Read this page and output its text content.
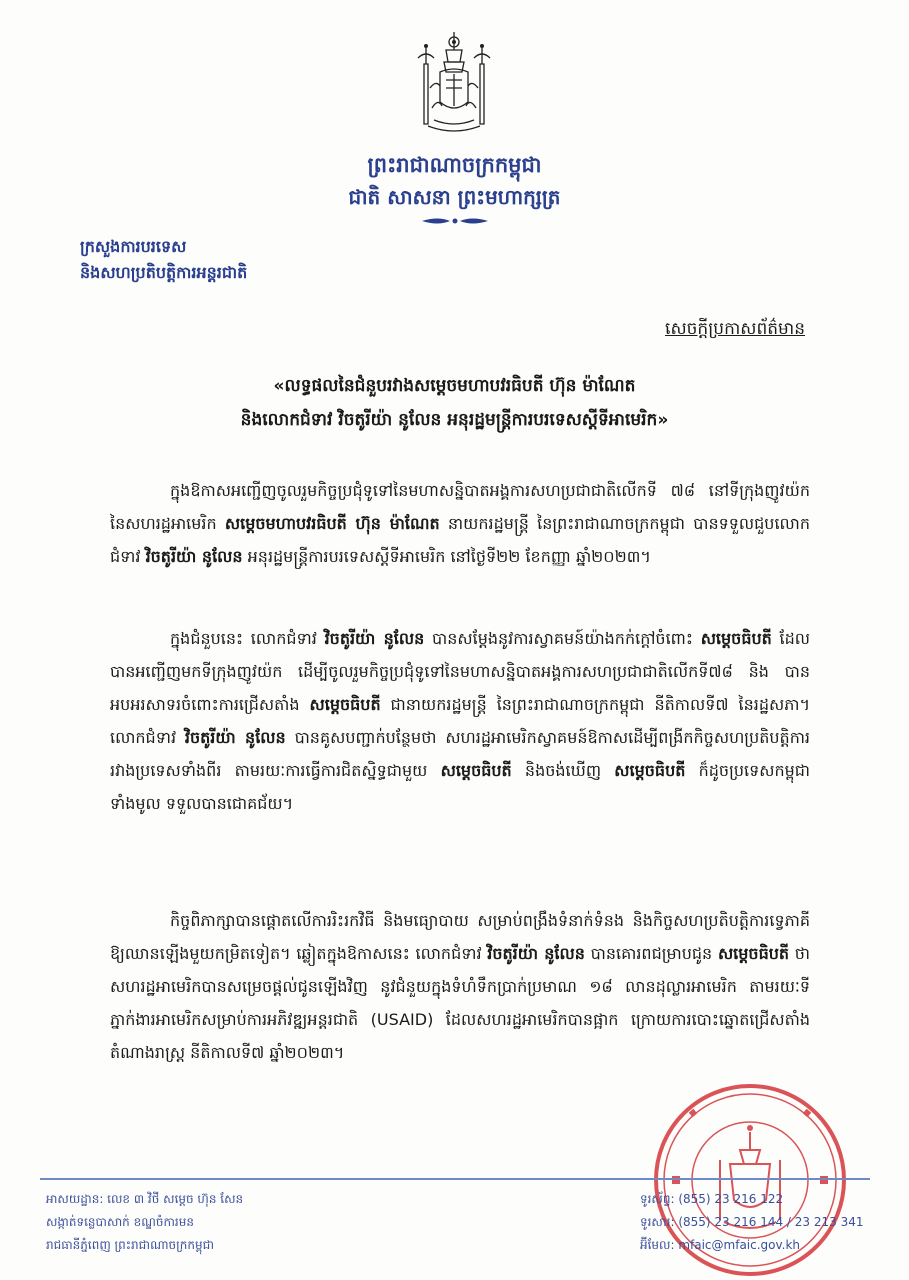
ព្រះរាជាណាចក្រកម្ពុជា
ជាតិ សាសនា ព្រះមហាក្សត្រ
ក្រសួងការបរទេស
និងសហប្រតិបត្តិការអន្តរជាតិ
សេចក្តីប្រកាសព័ត៌មាន
«លទ្ធផលនៃជំនួបរវាងសម្តេចមហាបវរធិបតី ហ៊ុន ម៉ាណែត
និងលោកជំទាវ វិចតូរីយ៉ា នូលែន អនុរដ្ឋមន្ត្រីការបរទេសស្តីទីអាមេរិក»

ក្នុងឱកាសអញ្ជើញចូលរួមកិច្ចប្រជុំទូទៅនៃមហាសន្និបាតអង្គការសហប្រជាជាតិលើកទី ៧៨ នៅទីក្រុងញូវយ៉ក នៃសហរដ្ឋអាមេរិក សម្តេចមហាបវរធិបតី ហ៊ុន ម៉ាណែត នាយករដ្ឋមន្ត្រី នៃព្រះរាជាណាចក្រកម្ពុជា បានទទួលជួបលោកជំទាវ វិចតូរីយ៉ា នូលែន អនុរដ្ឋមន្ត្រីការបរទេសស្តីទីអាមេរិក នៅថ្ងៃទី២២ ខែកញ្ញា ឆ្នាំ២០២៣។

ក្នុងជំនួបនេះ លោកជំទាវ វិចតូរីយ៉ា នូលែន បានសម្តែងនូវការស្វាគមន៍យ៉ាងកក់ក្តៅចំពោះ សម្តេចធិបតី ដែលបានអញ្ជើញមកទីក្រុងញូវយ៉ក ដើម្បីចូលរួមកិច្ចប្រជុំទូទៅនៃមហាសន្និបាតអង្គការសហប្រជាជាតិលើកទី៧៨ និង បានអបអរសាទរចំពោះការជ្រើសតាំង សម្តេចធិបតី ជានាយករដ្ឋមន្ត្រី នៃព្រះរាជាណាចក្រកម្ពុជា នីតិកាលទី៧ នៃរដ្ឋសភា។ លោកជំទាវ វិចតូរីយ៉ា នូលែន បានគូសបញ្ជាក់បន្ថែមថា សហរដ្ឋអាមេរិកស្វាគមន៍ឱកាសដើម្បីពង្រីកកិច្ចសហប្រតិបត្តិការរវាងប្រទេសទាំងពីរ តាមរយៈការធ្វើការជិតស្និទ្ធជាមួយ សម្តេចធិបតី និងចង់ឃើញ សម្តេចធិបតី ក៏ដូចប្រទេសកម្ពុជាទាំងមូល ទទួលបានជោគជ័យ។

កិច្ចពិភាក្សាបានផ្តោតលើការរិះរកវិធី និងមធ្យោបាយ សម្រាប់ពង្រឹងទំនាក់ទំនង និងកិច្ចសហប្រតិបត្តិការទ្វេភាគី ឱ្យឈានឡើងមួយកម្រិតទៀត។ ឆ្លៀតក្នុងឱកាសនេះ លោកជំទាវ វិចតូរីយ៉ា នូលែន បានគោរពជម្រាបជូន សម្តេចធិបតី ថាសហរដ្ឋអាមេរិកបានសម្រេចផ្តល់ជូនឡើងវិញ នូវជំនួយក្នុងទំហំទឹកប្រាក់ប្រមាណ ១៨ លានដុល្លារអាមេរិក តាមរយៈទីភ្នាក់ងារអាមេរិកសម្រាប់ការអភិវឌ្ឍអន្តរជាតិ (USAID) ដែលសហរដ្ឋអាមេរិកបានផ្អាក ក្រោយការបោះឆ្នោតជ្រើសតាំងតំណាងរាស្ត្រ នីតិកាលទី៧ ឆ្នាំ២០២៣។

អាសយដ្ឋាន: លេខ ៣ វិថី សម្តេច ហ៊ុន សែន
សង្កាត់ទន្លេបាសាក់ ខណ្ឌចំការមន
រាជធានីភ្នំពេញ ព្រះរាជាណាចក្រកម្ពុជា
ទូរស័ព្ទ: (855) 23 216 122
ទូរសារ: (855) 23 216 144 / 23 213 341
អ៊ីមែល: mfaic@mfaic.gov.kh
